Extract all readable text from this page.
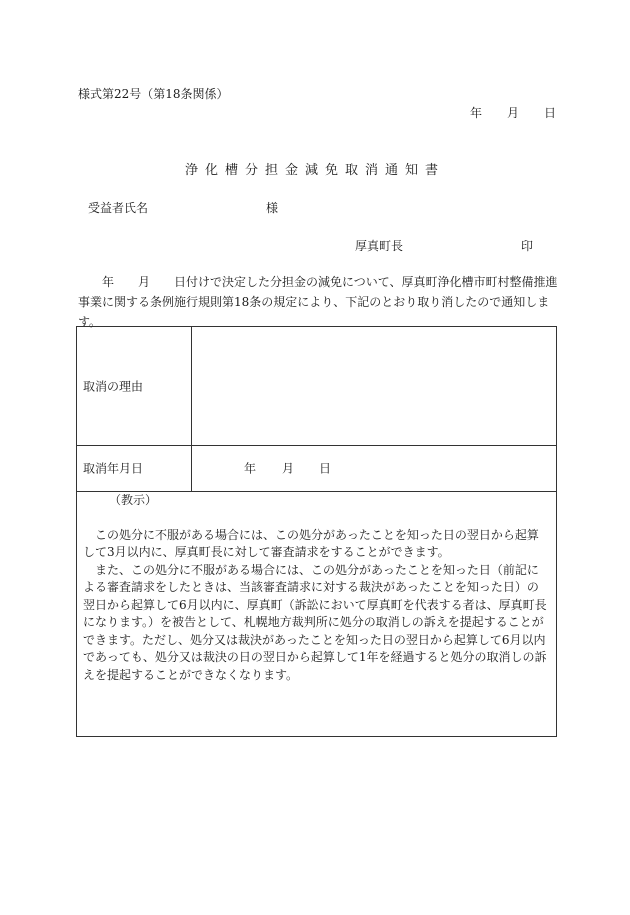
様式第22号（第18条関係）
年 月 日
浄化槽分担金減免取消通知書
受益者氏名	様
厚真町長	印

年 月 日付けで決定した分担金の減免について、厚真町浄化槽市町村整備推進

事業に関する条例施行規則第18条の規定により、下記のとおり取り消したので通知します。

取消の理由
取消年月日	年 月 日

（教示）

この処分に不服がある場合には、この処分があったことを知った日の翌日から起算して3月以内に、厚真町長に対して審査請求をすることができます。

また、この処分に不服がある場合には、この処分があったことを知った日（前記による審査請求をしたときは、当該審査請求に対する裁決があったことを知った日）の翌日から起算して6月以内に、厚真町（訴訟において厚真町を代表する者は、厚真町長になります。）を被告として、札幌地方裁判所に処分の取消しの訴えを提起することができます。ただし、処分又は裁決があったことを知った日の翌日から起算して6月以内であっても、処分又は裁決の日の翌日から起算して1年を経過すると処分の取消しの訴えを提起することができなくなります。
